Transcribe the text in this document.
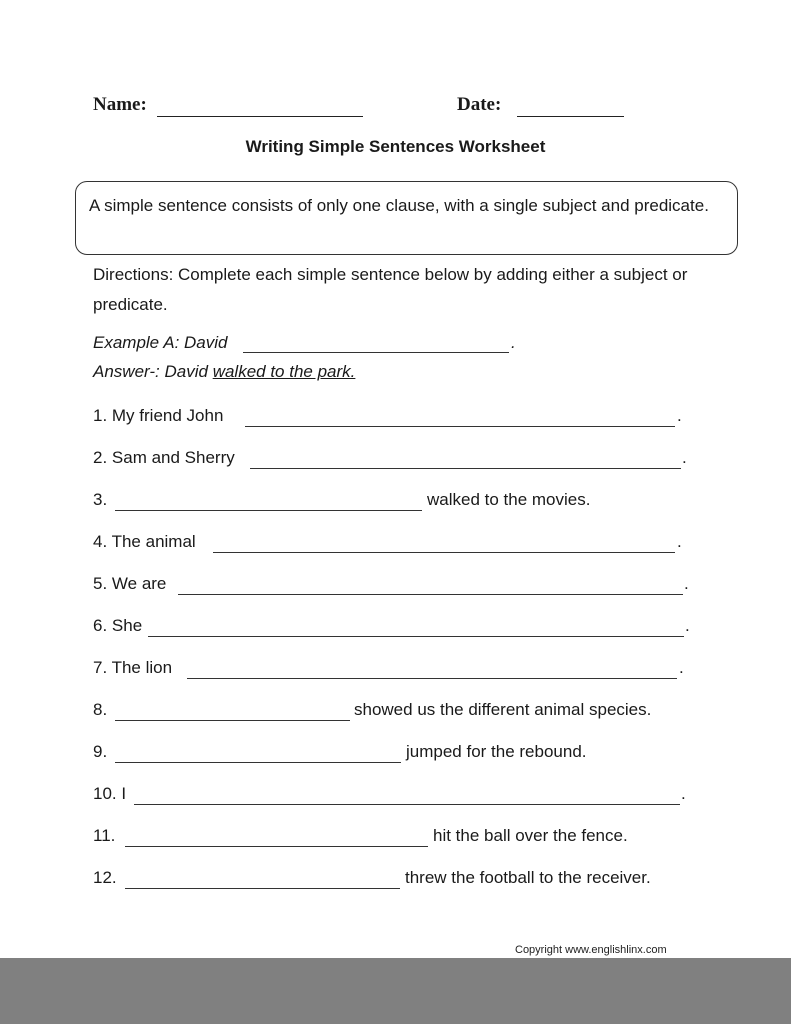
Name:	Date:
Writing Simple Sentences Worksheet
A simple sentence consists of only one clause, with a single subject and predicate.
Directions: Complete each simple sentence below by adding either a subject or predicate.
Example A: David	.
Answer-: David walked to the park.
1. My friend John	.
2. Sam and Sherry	.
3.	walked to the movies.
4. The animal	.
5. We are	.
6. She	.
7. The lion	.
8.	showed us the different animal species.
9.	jumped for the rebound.
10. I	.
11.	hit the ball over the fence.
12.	threw the football to the receiver.
Copyright www.englishlinx.com
